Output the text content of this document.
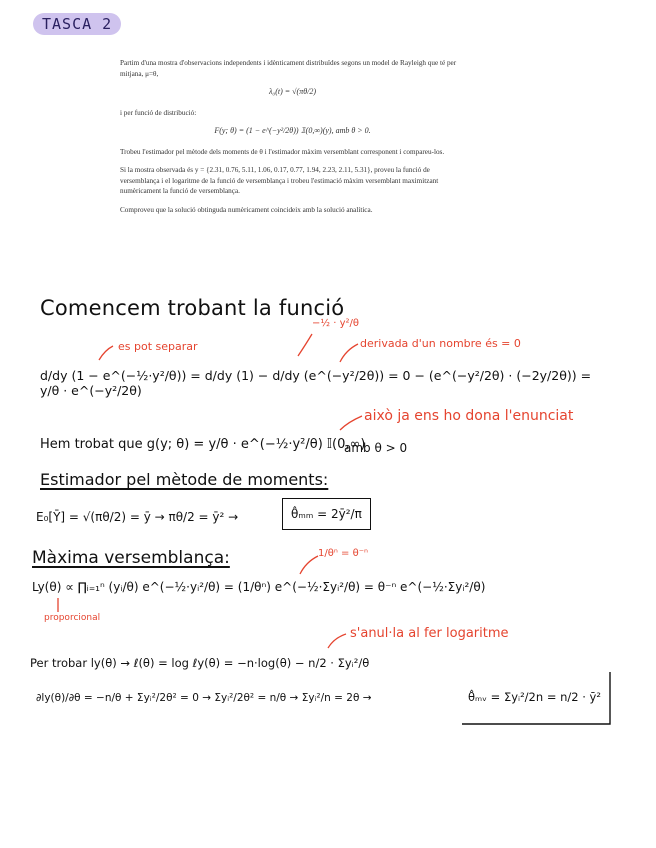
TASCA 2

Partim d'una mostra d'observacions independents i idènticament distribuïdes segons un model de Rayleigh que té per mitjana, μ=θ,

λ₀(t) = √(πθ/2)

i per funció de distribució:

F(y; θ) = (1 − e^(−y²/2θ)) 𝟙(0,∞)(y), amb θ > 0.

Trobeu l'estimador pel mètode dels moments de θ i l'estimador màxim versemblant corresponent i compareu-los.

Si la mostra observada és y = {2.31, 0.76, 5.11, 1.06, 0.17, 0.77, 1.94, 2.23, 2.11, 5.31}, proveu la funció de versemblança i el logaritme de la funció de versemblança i trobeu l'estimació màxim versemblant maximitzant numèricament la funció de versemblança.

Comproveu que la solució obtinguda numèricament coincideix amb la solució analítica.

Comencem trobant la funció
es pot separar
−½ · y²/θ
derivada d'un nombre és = 0
d/dy (1 − e^(−½·y²/θ)) = d/dy (1) − d/dy (e^(−y²/2θ)) = 0 − (e^(−y²/2θ) · (−2y/2θ)) = y/θ · e^(−y²/2θ)
això ja ens ho dona l'enunciat
Hem trobat que g(y; θ) = y/θ · e^(−½·y²/θ) 𝕀(0,∞)
amb θ > 0
Estimador pel mètode de moments:
E₀[Ȳ] = √(πθ/2) = ȳ → πθ/2 = ȳ² →	θ̂ₘₘ = 2ȳ²/π
Màxima versemblança:	1/θⁿ = θ⁻ⁿ
Ly(θ) ∝ ∏ᵢ₌₁ⁿ (yᵢ/θ) e^(−½·yᵢ²/θ) = (1/θⁿ) e^(−½·Σyᵢ²/θ) = θ⁻ⁿ e^(−½·Σyᵢ²/θ)
proporcional
s'anul·la al fer logaritme
Per trobar ly(θ) → ℓ(θ) = log ℓy(θ) = −n·log(θ) − n/2 · Σyᵢ²/θ
∂ly(θ)/∂θ = −n/θ + Σyᵢ²/2θ² = 0 → Σyᵢ²/2θ² = n/θ → Σyᵢ²/n = 2θ →	θ̂ₘᵥ = Σyᵢ²/2n = n/2 · ȳ²
